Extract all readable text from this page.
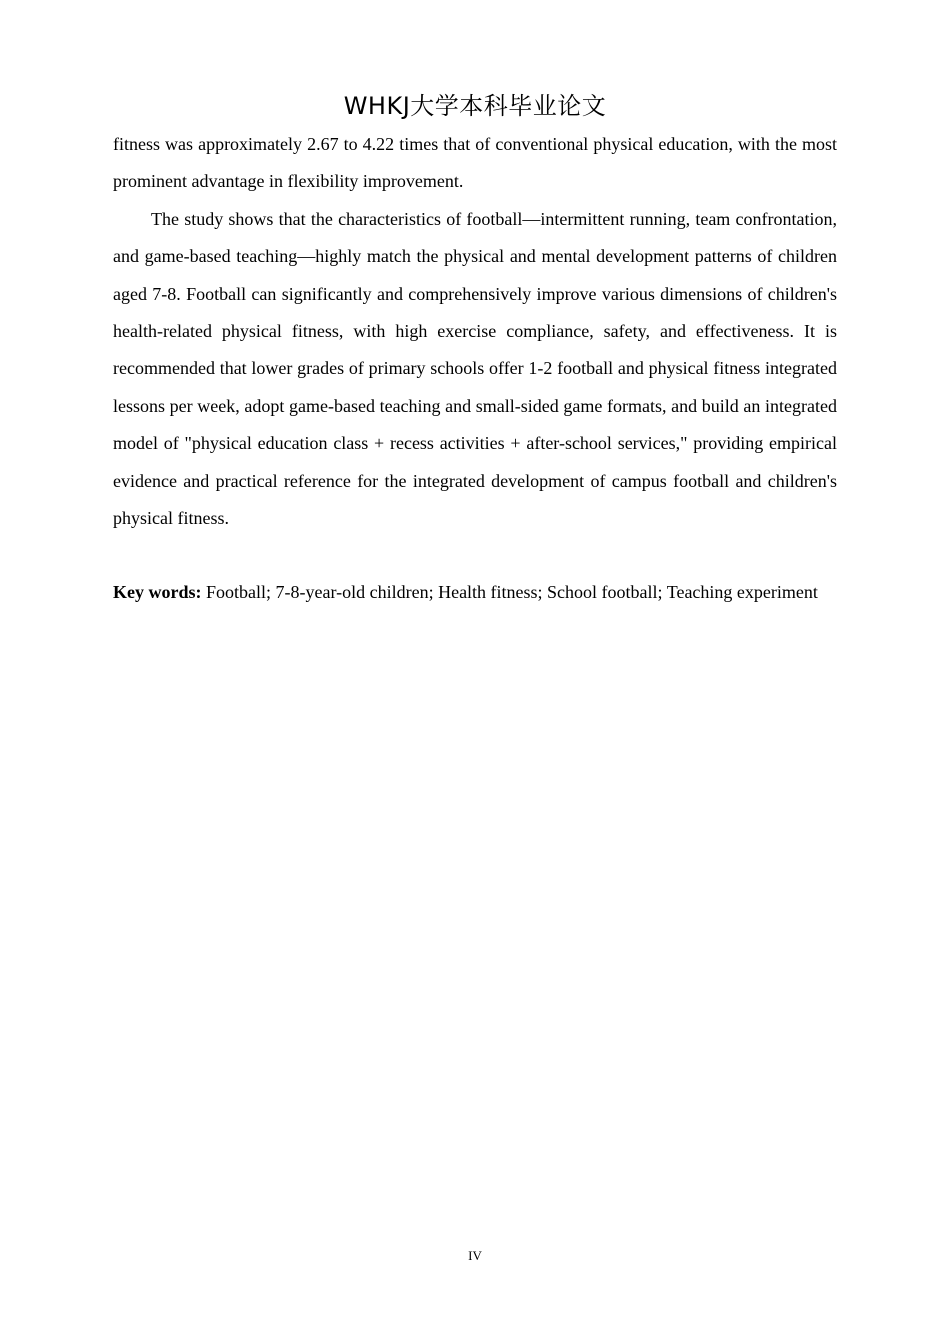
WHKJ大学本科毕业论文

fitness was approximately 2.67 to 4.22 times that of conventional physical education, with the most prominent advantage in flexibility improvement.

The study shows that the characteristics of football—intermittent running, team confrontation, and game-based teaching—highly match the physical and mental development patterns of children aged 7-8. Football can significantly and comprehensively improve various dimensions of children's health-related physical fitness, with high exercise compliance, safety, and effectiveness. It is recommended that lower grades of primary schools offer 1-2 football and physical fitness integrated lessons per week, adopt game-based teaching and small-sided game formats, and build an integrated model of "physical education class + recess activities + after-school services," providing empirical evidence and practical reference for the integrated development of campus football and children's physical fitness.

Key words: Football; 7-8-year-old children; Health fitness; School football; Teaching experiment

IV
